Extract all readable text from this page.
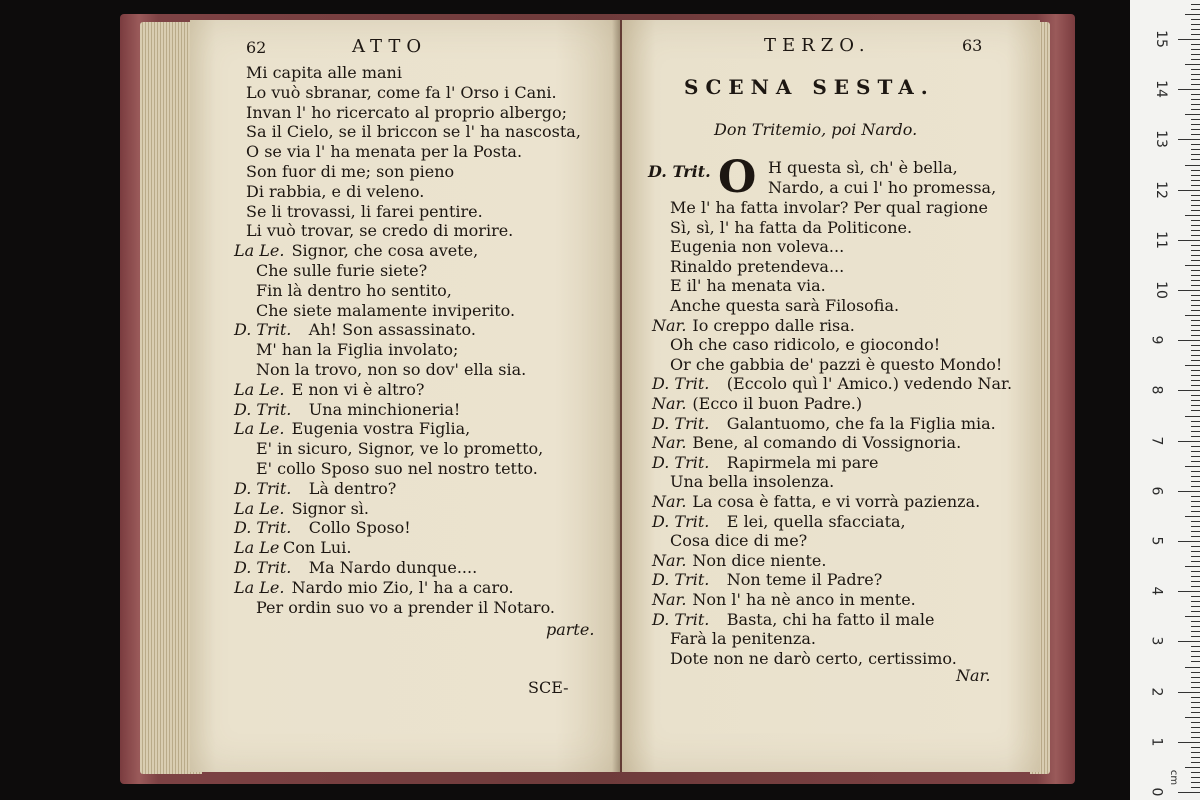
62	ATTO
Mi capita alle mani
Lo vuò sbranar, come fa l' Orso i Cani.
Invan l' ho ricercato al proprio albergo;
Sa il Cielo, se il briccon se l' ha nascosta,
O se via l' ha menata per la Posta.
Son fuor di me; son pieno
Di rabbia, e di veleno.
Se li trovassi, li farei pentire.
Li vuò trovar, se credo di morire.
La Le. Signor, che cosa avete,
Che sulle furie siete?
Fin là dentro ho sentito,
Che siete malamente inviperito.
D. Trit. Ah! Son assassinato.
M' han la Figlia involato;
Non la trovo, non so dov' ella sia.
La Le. E non vi è altro?
D. Trit. Una minchioneria!
La Le. Eugenia vostra Figlia,
E' in sicuro, Signor, ve lo prometto,
E' collo Sposo suo nel nostro tetto.
D. Trit. Là dentro?
La Le. Signor sì.
D. Trit. Collo Sposo!
La Le Con Lui.
D. Trit. Ma Nardo dunque....
La Le. Nardo mio Zio, l' ha a caro.
Per ordin suo vo a prender il Notaro.
parte.
SCE-
TERZO.	63
SCENA SESTA.
Don Tritemio, poi Nardo.
D. Trit. O H questa sì, ch' è bella,
Nardo, a cui l' ho promessa,
Me l' ha fatta involar? Per qual ragione
Sì, sì, l' ha fatta da Politicone.
Eugenia non voleva...
Rinaldo pretendeva...
E il' ha menata via.
Anche questa sarà Filosofia.
Nar. Io creppo dalle risa.
Oh che caso ridicolo, e giocondo!
Or che gabbia de' pazzi è questo Mondo!
D. Trit. (Eccolo quì l' Amico.) vedendo Nar.
Nar. (Ecco il buon Padre.)
D. Trit. Galantuomo, che fa la Figlia mia.
Nar. Bene, al comando di Vossignoria.
D. Trit. Rapirmela mi pare
Una bella insolenza.
Nar. La cosa è fatta, e vi vorrà pazienza.
D. Trit. E lei, quella sfacciata,
Cosa dice di me?
Nar. Non dice niente.
D. Trit. Non teme il Padre?
Nar. Non l' ha nè anco in mente.
D. Trit. Basta, chi ha fatto il male
Farà la penitenza.
Dote non ne darò certo, certissimo.
Nar.
15
14
13
12
11
10
9
8
7
6
5
4
3
2
1
0
cm
